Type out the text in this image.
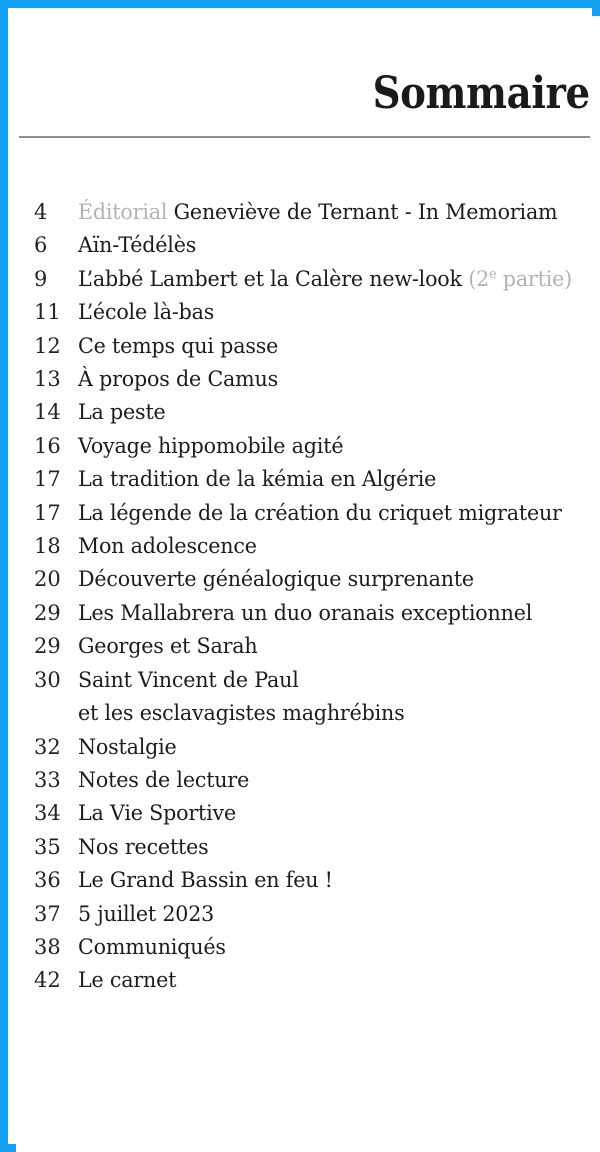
Sommaire
4	Éditorial Geneviève de Ternant - In Memoriam
6	Aïn-Tédélès
9	L’abbé Lambert et la Calère new-look (2e partie)
11 L’école là-bas
12 Ce temps qui passe
13 À propos de Camus
14 La peste
16 Voyage hippomobile agité
17 La tradition de la kémia en Algérie
17 La légende de la création du criquet migrateur
18 Mon adolescence
20 Découverte généalogique surprenante
29 Les Mallabrera un duo oranais exceptionnel
29 Georges et Sarah
30 Saint Vincent de Paul
et les esclavagistes maghrébins
32 Nostalgie
33 Notes de lecture
34 La Vie Sportive
35 Nos recettes
36 Le Grand Bassin en feu !
37 5 juillet 2023
38 Communiqués
42 Le carnet
